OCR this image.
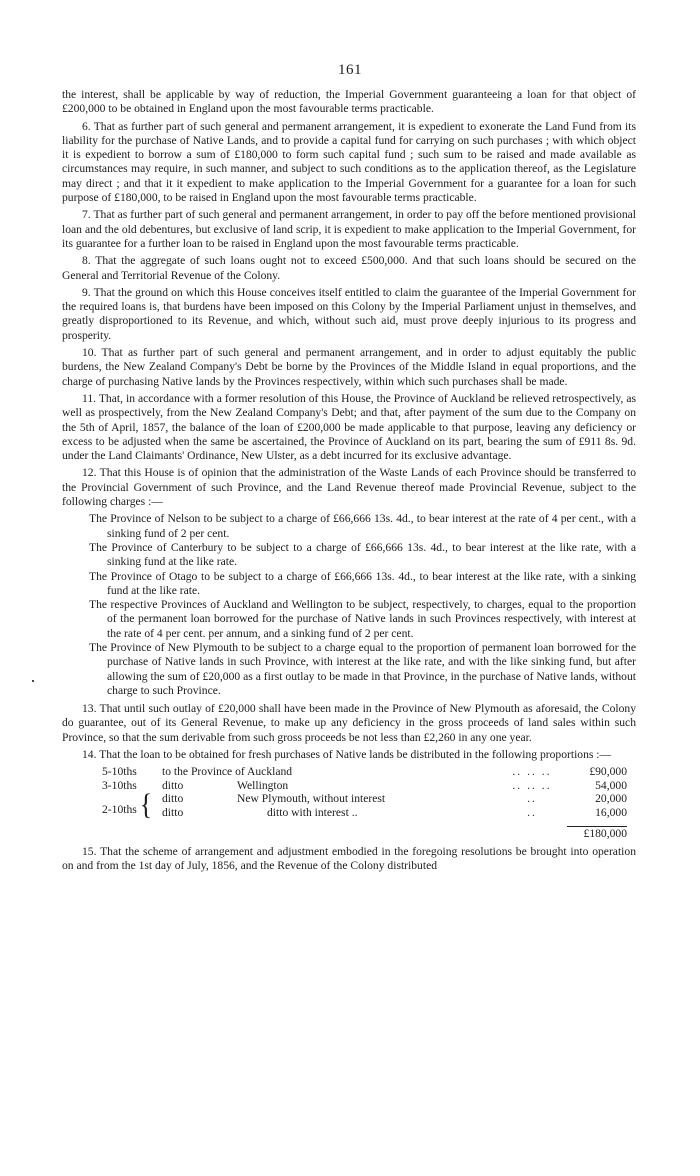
161

the interest, shall be applicable by way of reduction, the Imperial Government guaranteeing a loan for that object of £200,000 to be obtained in England upon the most favourable terms practicable.

6. That as further part of such general and permanent arrangement, it is expedient to exonerate the Land Fund from its liability for the purchase of Native Lands, and to provide a capital fund for carrying on such purchases ; with which object it is expedient to borrow a sum of £180,000 to form such capital fund ; such sum to be raised and made available as circumstances may require, in such manner, and subject to such conditions as to the application thereof, as the Legislature may direct ; and that it it expedient to make application to the Imperial Government for a guarantee for a loan for such purpose of £180,000, to be raised in England upon the most favourable terms practicable.

7. That as further part of such general and permanent arrangement, in order to pay off the before mentioned provisional loan and the old debentures, but exclusive of land scrip, it is expedient to make application to the Imperial Government, for its guarantee for a further loan to be raised in England upon the most favourable terms practicable.

8. That the aggregate of such loans ought not to exceed £500,000. And that such loans should be secured on the General and Territorial Revenue of the Colony.

9. That the ground on which this House conceives itself entitled to claim the guarantee of the Imperial Government for the required loans is, that burdens have been imposed on this Colony by the Imperial Parliament unjust in themselves, and greatly disproportioned to its Revenue, and which, without such aid, must prove deeply injurious to its progress and prosperity.

10. That as further part of such general and permanent arrangement, and in order to adjust equitably the public burdens, the New Zealand Company's Debt be borne by the Provinces of the Middle Island in equal proportions, and the charge of purchasing Native lands by the Provinces respectively, within which such purchases shall be made.

11. That, in accordance with a former resolution of this House, the Province of Auckland be relieved retrospectively, as well as prospectively, from the New Zealand Company's Debt; and that, after payment of the sum due to the Company on the 5th of April, 1857, the balance of the loan of £200,000 be made applicable to that purpose, leaving any deficiency or excess to be adjusted when the same be ascertained, the Province of Auckland on its part, bearing the sum of £911 8s. 9d. under the Land Claimants' Ordinance, New Ulster, as a debt incurred for its exclusive advantage.

12. That this House is of opinion that the administration of the Waste Lands of each Province should be transferred to the Provincial Government of such Province, and the Land Revenue thereof made Provincial Revenue, subject to the following charges :—

The Province of Nelson to be subject to a charge of £66,666 13s. 4d., to bear interest at the rate of 4 per cent., with a sinking fund of 2 per cent.

The Province of Canterbury to be subject to a charge of £66,666 13s. 4d., to bear interest at the like rate, with a sinking fund at the like rate.

The Province of Otago to be subject to a charge of £66,666 13s. 4d., to bear interest at the like rate, with a sinking fund at the like rate.

The respective Provinces of Auckland and Wellington to be subject, respectively, to charges, equal to the proportion of the permanent loan borrowed for the purchase of Native lands in such Provinces respectively, with interest at the rate of 4 per cent. per annum, and a sinking fund of 2 per cent.

The Province of New Plymouth to be subject to a charge equal to the proportion of permanent loan borrowed for the purchase of Native lands in such Province, with interest at the like rate, and with the like sinking fund, but after allowing the sum of £20,000 as a first outlay to be made in that Province, in the purchase of Native lands, without charge to such Province.

13. That until such outlay of £20,000 shall have been made in the Province of New Plymouth as aforesaid, the Colony do guarantee, out of its General Revenue, to make up any deficiency in the gross proceeds of land sales within such Province, so that the sum derivable from such gross proceeds be not less than £2,260 in any one year.

14. That the loan to be obtained for fresh purchases of Native lands be distributed in the following proportions :—

5-10ths	to the Province of Auckland		.. .. ..	£90,000
3-10ths	ditto	Wellington	.. .. ..	54,000
2-10ths {	ditto	New Plymouth, without interest	..	20,000
	ditto	ditto with interest ..	..	16,000

				£180,000

15. That the scheme of arrangement and adjustment embodied in the foregoing resolutions be brought into operation on and from the 1st day of July, 1856, and the Revenue of the Colony distributed
